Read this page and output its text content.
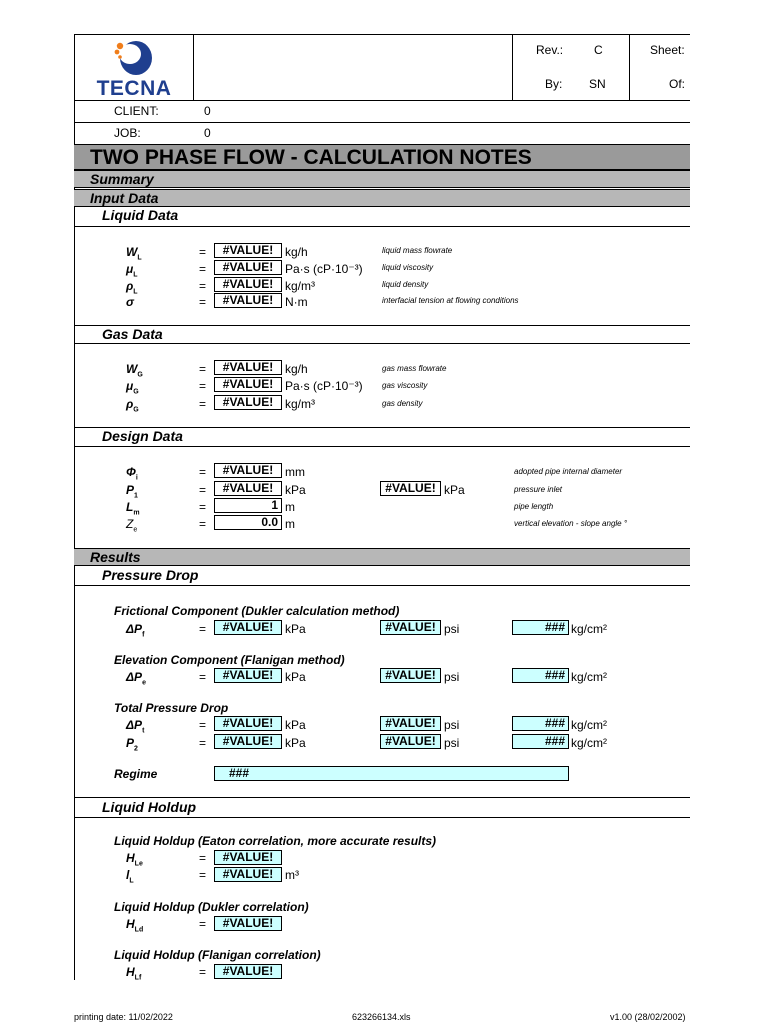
TECNA
Rev.:	C	Sheet:
By: SN	Of:
CLIENT:	0
JOB:	0
TWO PHASE FLOW - CALCULATION NOTES
Summary
Input Data
Liquid Data
$W_L$	=	#VALUE! kg/h	liquid mass flowrate
$\mu_L$	=	#VALUE! Pa·s (cP·10⁻³) liquid viscosity
$\rho_L$	=	#VALUE! kg/m³	liquid density
σ	=	#VALUE! N·m	interfacial tension at flowing conditions
Gas Data
$W_G$	=	#VALUE! kg/h	gas mass flowrate
$\mu_G$	=	#VALUE! Pa·s (cP·10⁻³) gas viscosity
$\rho_G$	=	#VALUE! kg/m³	gas density
Design Data
$\Phi_i$	=	#VALUE! mm	adopted pipe internal diameter
$P_1$	=	#VALUE! kPa	#VALUE! kPa	pressure inlet
$L_m$	=	1 m	pipe length
$Z_e$	=	0.0 m	vertical elevation - slope angle °
Results
Pressure Drop
Frictional Component (Dukler calculation method)
$\Delta P_f$	=	#VALUE! kPa	#VALUE! psi	### kg/cm²
Elevation Component (Flanigan method)
$\Delta P_e$	=	#VALUE! kPa	#VALUE! psi	### kg/cm²
Total Pressure Drop
$\Delta P_t$	=	#VALUE! kPa	#VALUE! psi	### kg/cm²
$P_2$	=	#VALUE! kPa	#VALUE! psi	### kg/cm²
Regime	###
Liquid Holdup
Liquid Holdup (Eaton correlation, more accurate results)
$H_{Le}$	=	#VALUE!
$l_L$	=	#VALUE! m³
Liquid Holdup (Dukler correlation)
$H_{Ld}$	=	#VALUE!
Liquid Holdup (Flanigan correlation)
$H_{Lf}$	=	#VALUE!
printing date: 11/02/2022	623266134.xls	v1.00 (28/02/2002)
